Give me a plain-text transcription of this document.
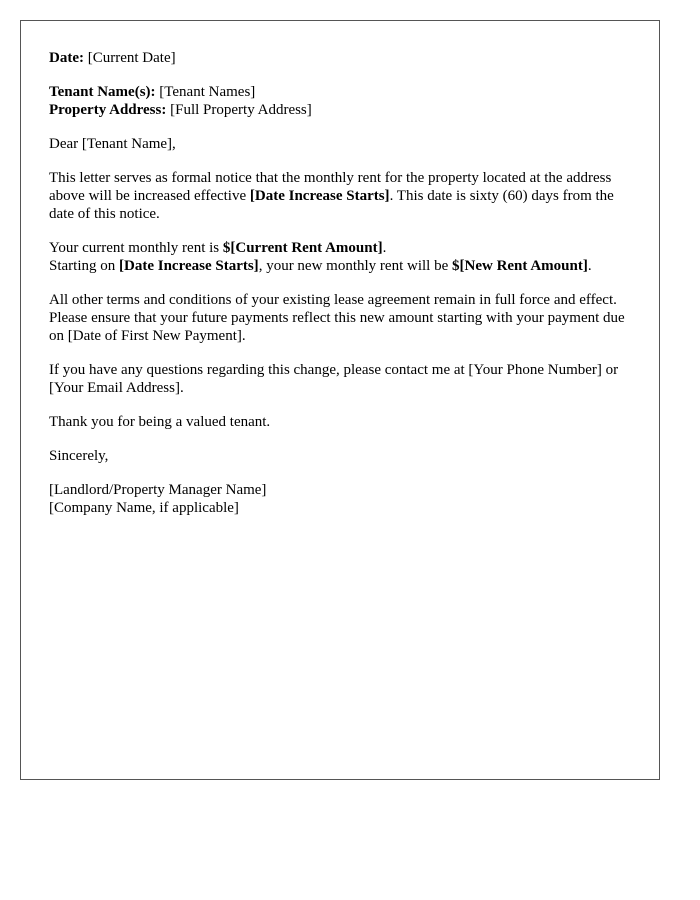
Date: [Current Date]

Tenant Name(s): [Tenant Names]
Property Address: [Full Property Address]

Dear [Tenant Name],

This letter serves as formal notice that the monthly rent for the property located at the address above will be increased effective [Date Increase Starts]. This date is sixty (60) days from the date of this notice.

Your current monthly rent is $[Current Rent Amount].
Starting on [Date Increase Starts], your new monthly rent will be $[New Rent Amount].

All other terms and conditions of your existing lease agreement remain in full force and effect. Please ensure that your future payments reflect this new amount starting with your payment due on [Date of First New Payment].

If you have any questions regarding this change, please contact me at [Your Phone Number] or [Your Email Address].

Thank you for being a valued tenant.

Sincerely,

[Landlord/Property Manager Name]
[Company Name, if applicable]
